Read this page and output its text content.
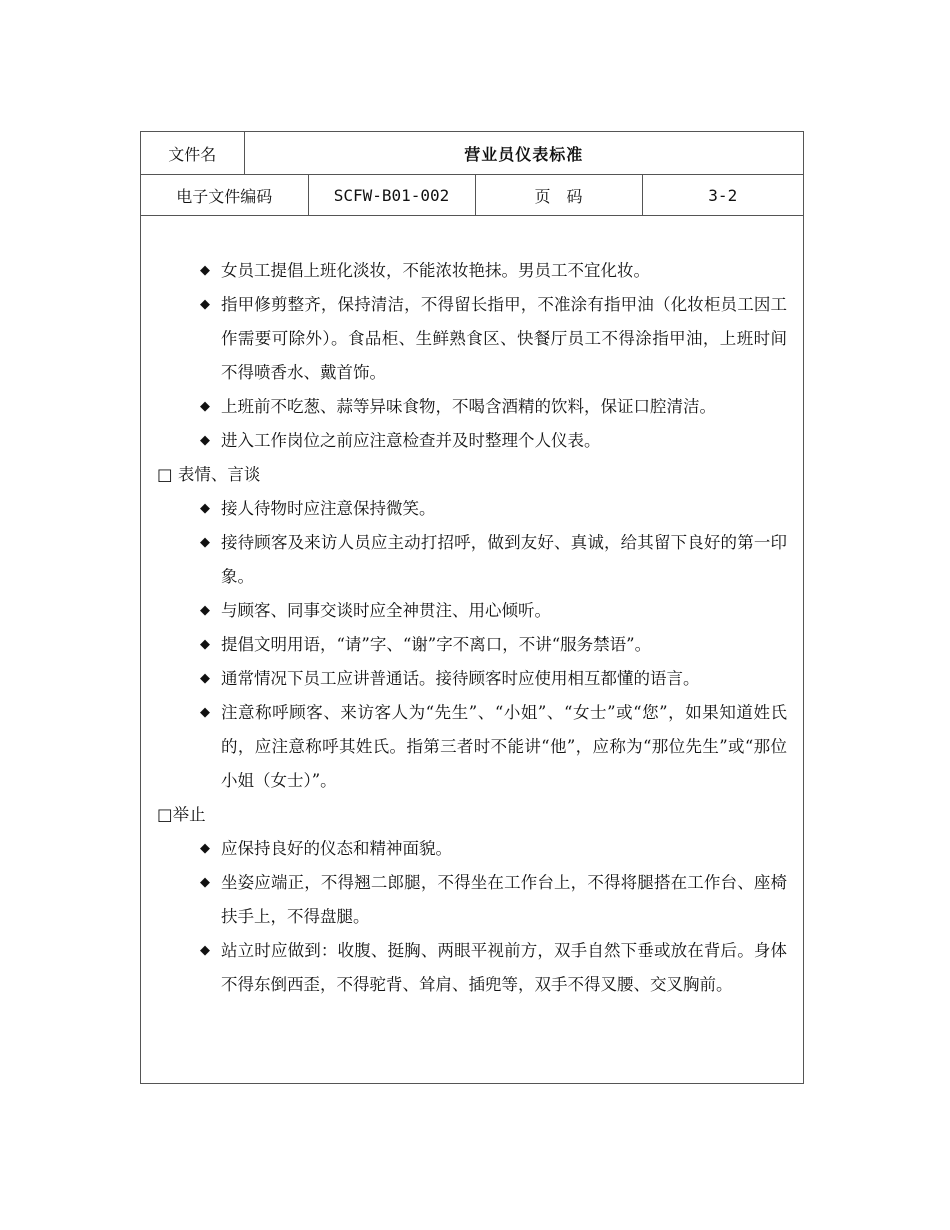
文件名	营业员仪表标准			
电子文件编码		SCFW-B01-002	页　码	3-2
◆ 女员工提倡上班化淡妆，不能浓妆艳抹。男员工不宜化妆。
◆ 指甲修剪整齐，保持清洁，不得留长指甲，不准涂有指甲油（化妆柜员工因工作需要可除外）。食品柜、生鲜熟食区、快餐厅员工不得涂指甲油，上班时间不得喷香水、戴首饰。
◆ 上班前不吃葱、蒜等异味食物，不喝含酒精的饮料，保证口腔清洁。
◆ 进入工作岗位之前应注意检查并及时整理个人仪表。
□ 表情、言谈
◆ 接人待物时应注意保持微笑。
◆ 接待顾客及来访人员应主动打招呼，做到友好、真诚，给其留下良好的第一印象。
◆ 与顾客、同事交谈时应全神贯注、用心倾听。
◆ 提倡文明用语，“请”字、“谢”字不离口，不讲“服务禁语”。
◆ 通常情况下员工应讲普通话。接待顾客时应使用相互都懂的语言。
◆ 注意称呼顾客、来访客人为“先生”、“小姐”、“女士”或“您”，如果知道姓氏的，应注意称呼其姓氏。指第三者时不能讲“他”，应称为“那位先生”或“那位小姐（女士）”。
□举止
◆ 应保持良好的仪态和精神面貌。
◆ 坐姿应端正，不得翘二郎腿，不得坐在工作台上，不得将腿搭在工作台、座椅扶手上，不得盘腿。
◆ 站立时应做到：收腹、挺胸、两眼平视前方，双手自然下垂或放在背后。身体不得东倒西歪，不得驼背、耸肩、插兜等，双手不得叉腰、交叉胸前。
